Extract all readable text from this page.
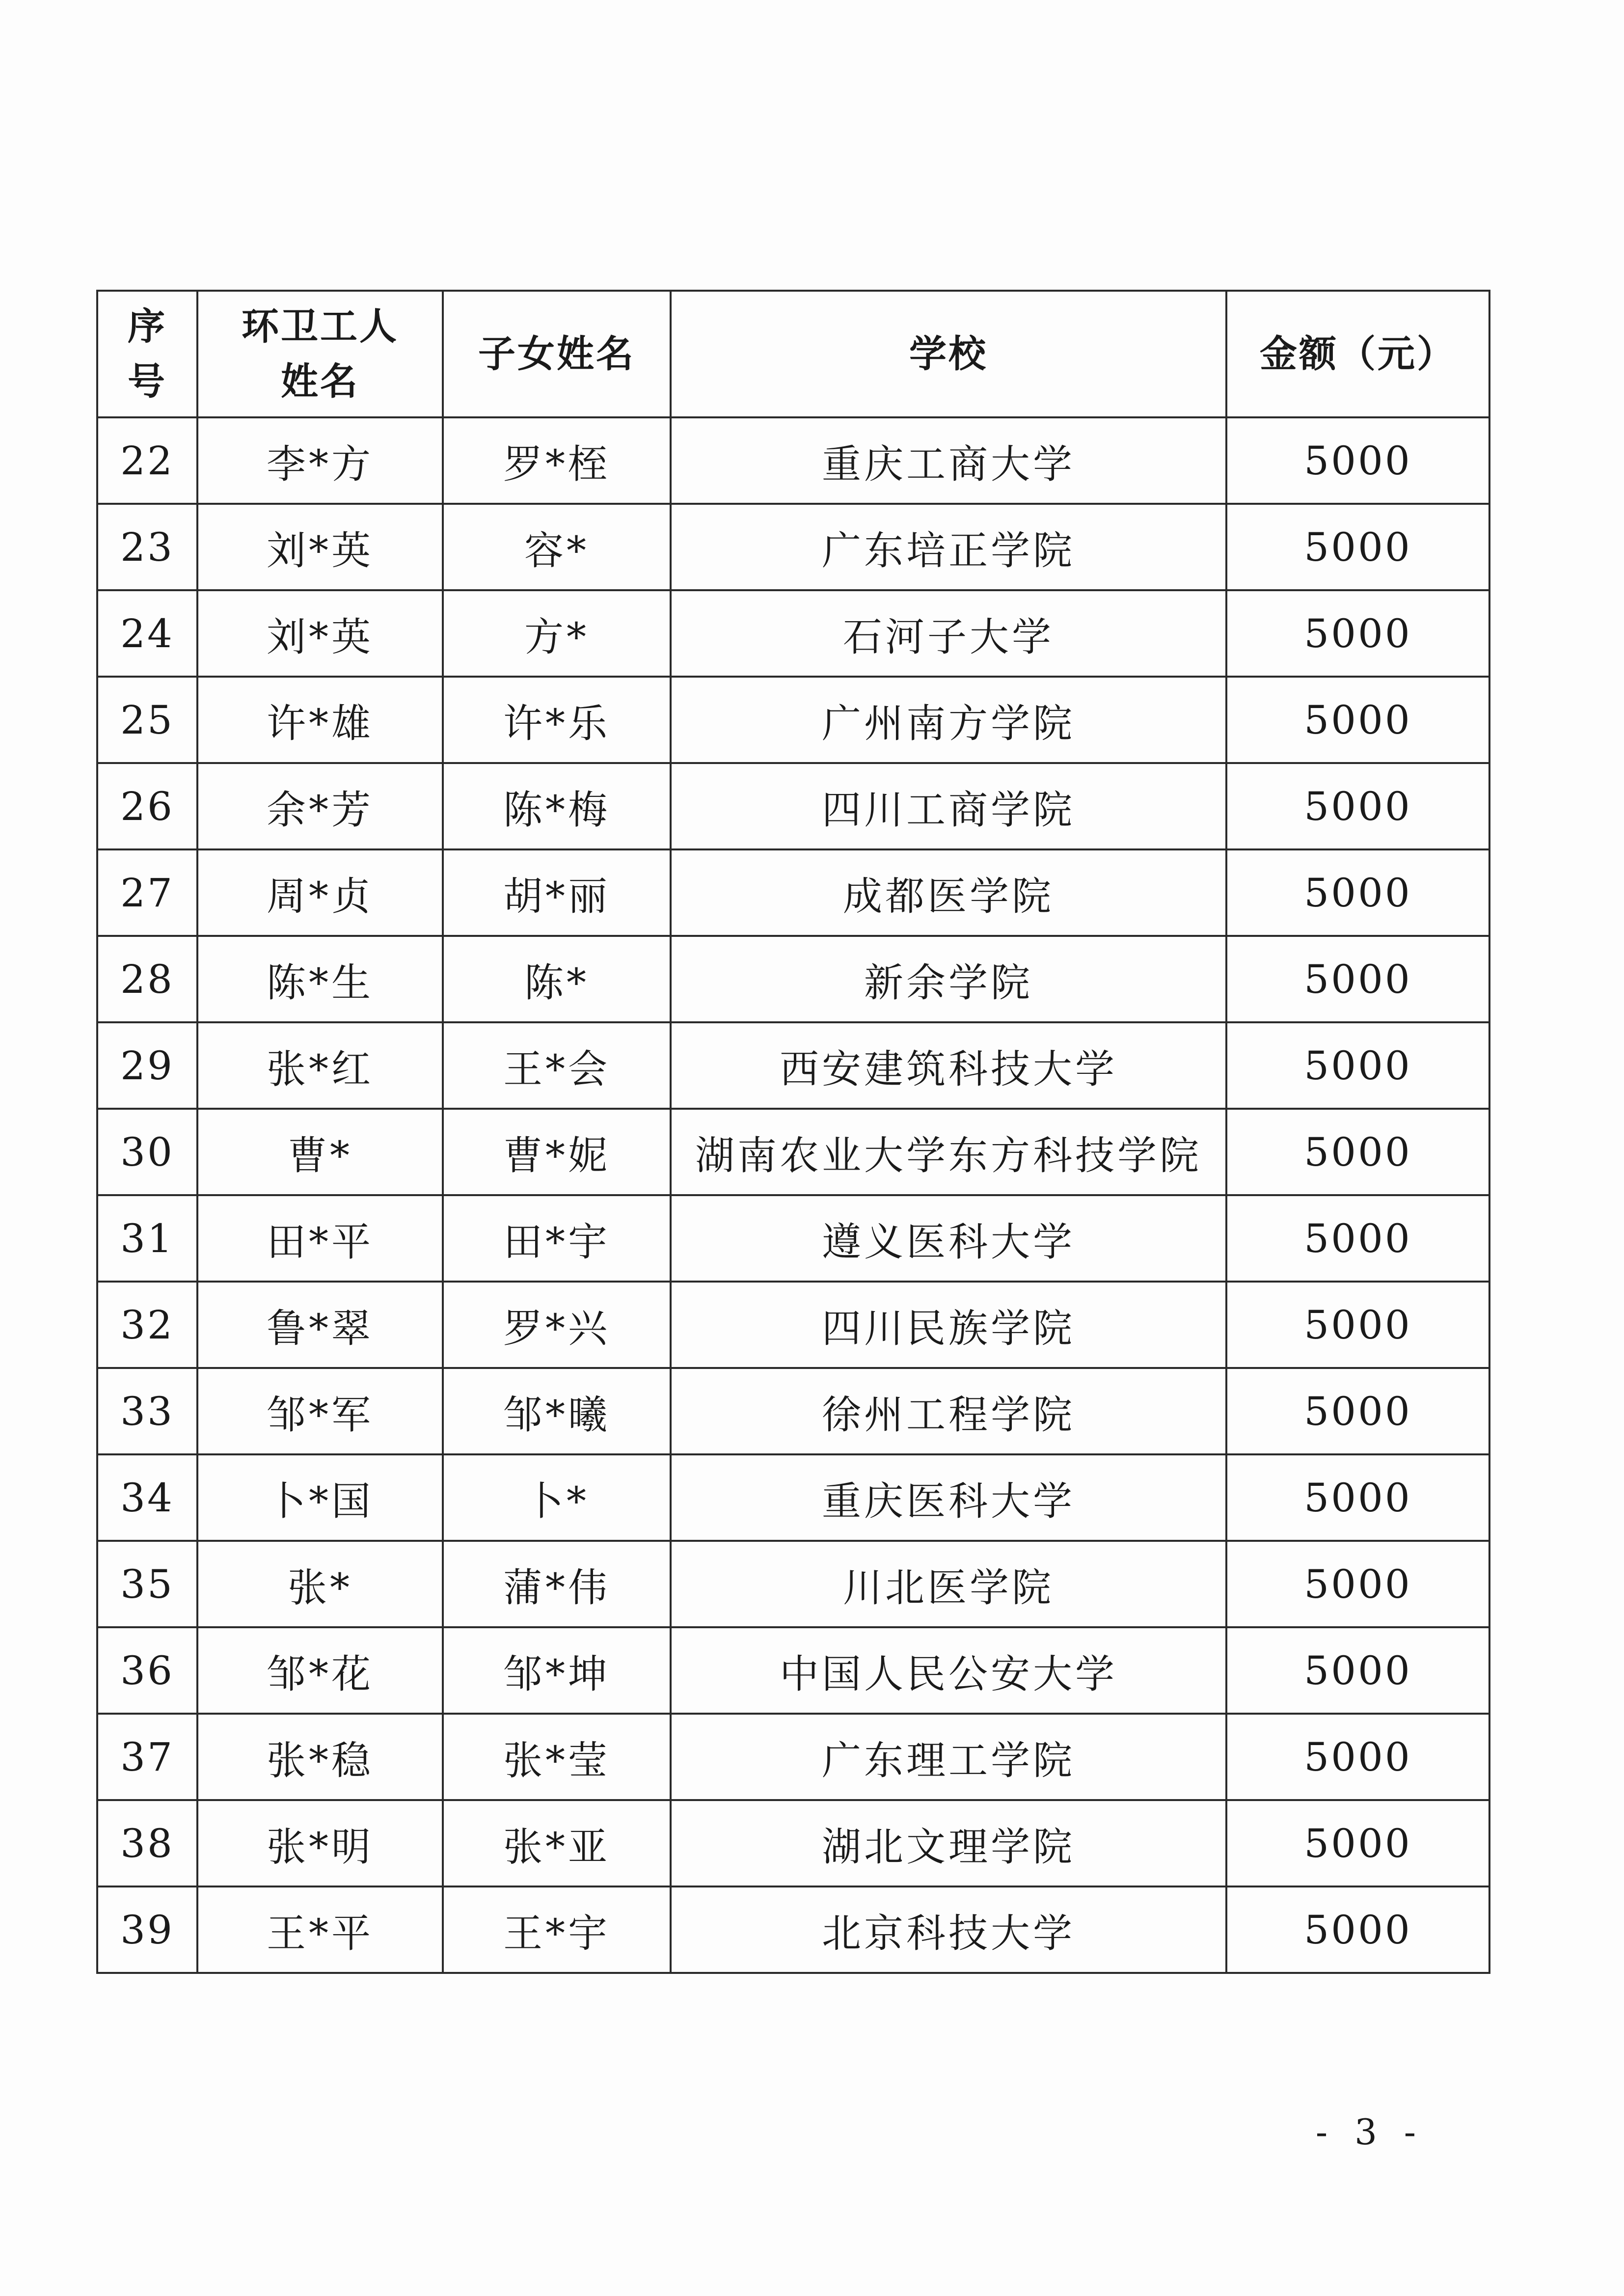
序号	环卫工人姓名	子女姓名	学校	金额（元）
22	李*方	罗*桎	重庆工商大学	5000
23	刘*英	容*	广东培正学院	5000
24	刘*英	方*	石河子大学	5000
25	许*雄	许*乐	广州南方学院	5000
26	余*芳	陈*梅	四川工商学院	5000
27	周*贞	胡*丽	成都医学院	5000
28	陈*生	陈*	新余学院	5000
29	张*红	王*会	西安建筑科技大学	5000
30	曹*	曹*妮	湖南农业大学东方科技学院	5000
31	田*平	田*宇	遵义医科大学	5000
32	鲁*翠	罗*兴	四川民族学院	5000
33	邹*军	邹*曦	徐州工程学院	5000
34	卜*国	卜*	重庆医科大学	5000
35	张*	蒲*伟	川北医学院	5000
36	邹*花	邹*坤	中国人民公安大学	5000
37	张*稳	张*莹	广东理工学院	5000
38	张*明	张*亚	湖北文理学院	5000
39	王*平	王*宇	北京科技大学	5000
- 3 -
